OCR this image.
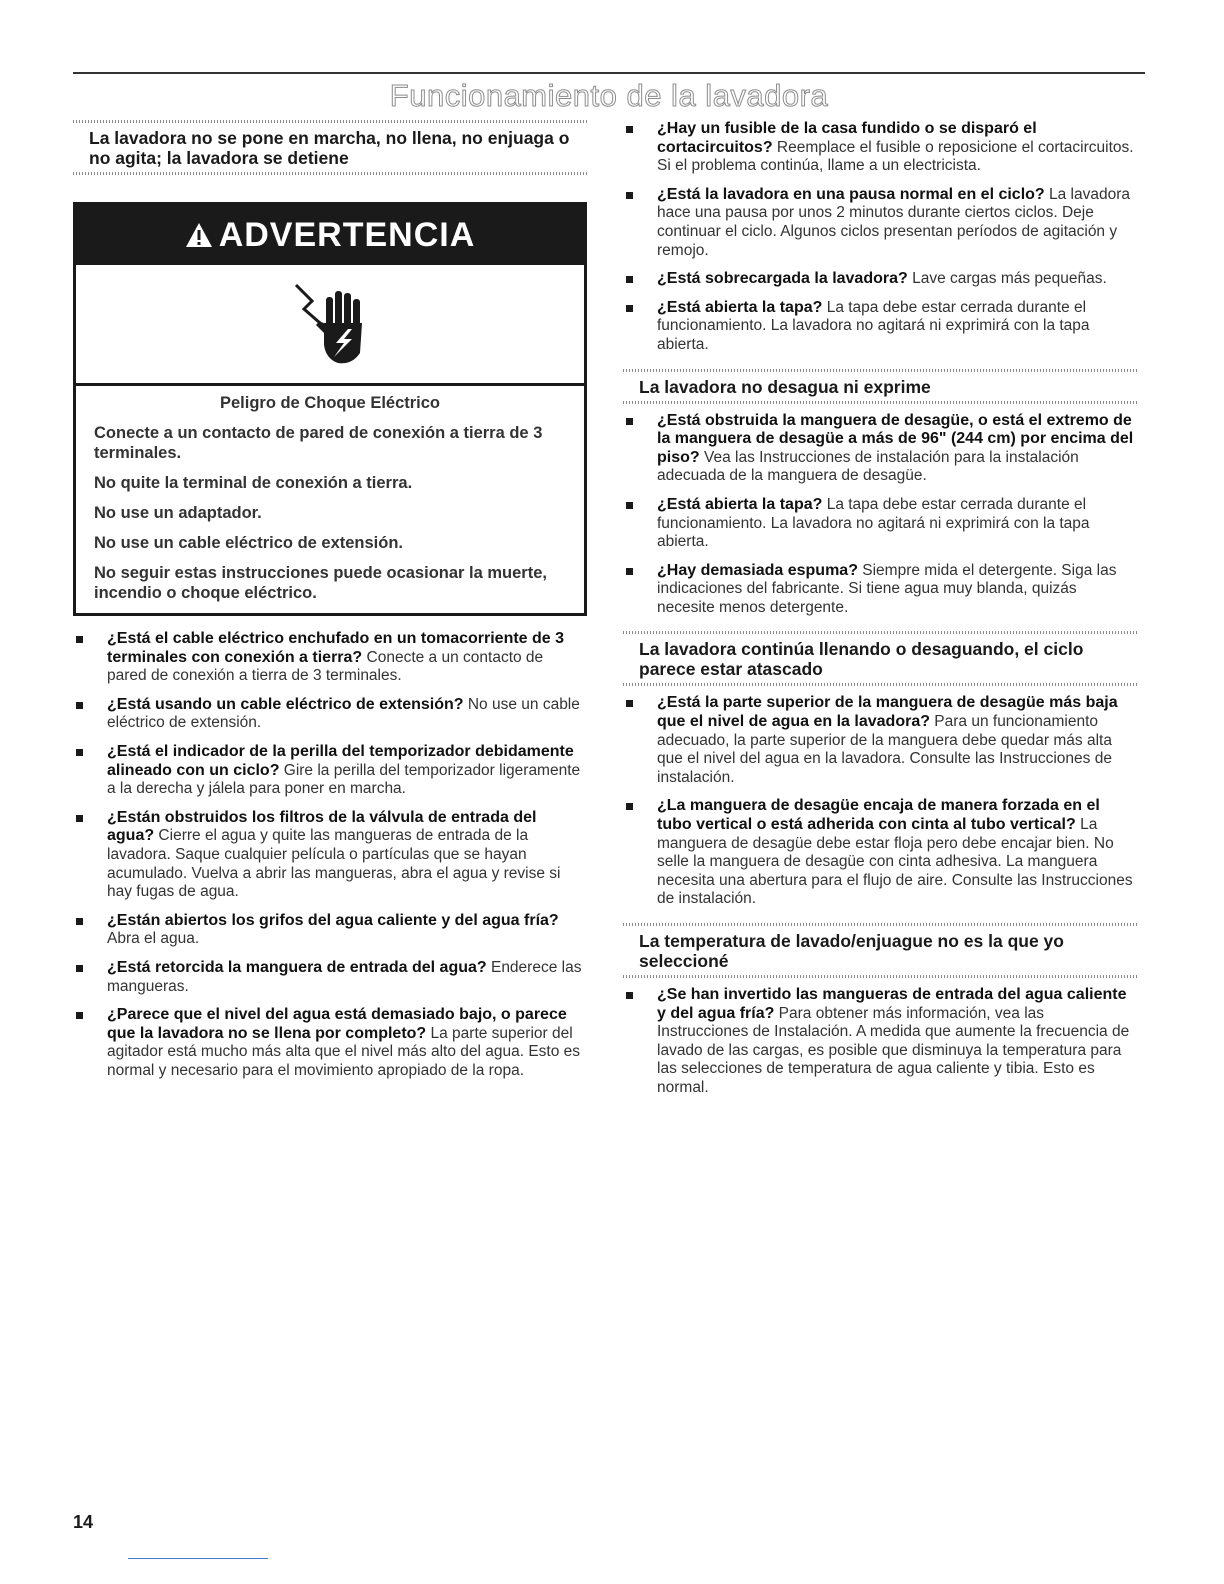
Funcionamiento de la lavadora
La lavadora no se pone en marcha, no llena, no enjuaga o no agita; la lavadora se detiene
ADVERTENCIA
Peligro de Choque Eléctrico

Conecte a un contacto de pared de conexión a tierra de 3 terminales.

No quite la terminal de conexión a tierra.

No use un adaptador.

No use un cable eléctrico de extensión.

No seguir estas instrucciones puede ocasionar la muerte, incendio o choque eléctrico.

¿Está el cable eléctrico enchufado en un tomacorriente de 3 terminales con conexión a tierra? Conecte a un contacto de pared de conexión a tierra de 3 terminales.
¿Está usando un cable eléctrico de extensión? No use un cable eléctrico de extensión.
¿Está el indicador de la perilla del temporizador debidamente alineado con un ciclo? Gire la perilla del temporizador ligeramente a la derecha y jálela para poner en marcha.
¿Están obstruidos los filtros de la válvula de entrada del agua? Cierre el agua y quite las mangueras de entrada de la lavadora. Saque cualquier película o partículas que se hayan acumulado. Vuelva a abrir las mangueras, abra el agua y revise si hay fugas de agua.
¿Están abiertos los grifos del agua caliente y del agua fría? Abra el agua.
¿Está retorcida la manguera de entrada del agua? Enderece las mangueras.
¿Parece que el nivel del agua está demasiado bajo, o parece que la lavadora no se llena por completo? La parte superior del agitador está mucho más alta que el nivel más alto del agua. Esto es normal y necesario para el movimiento apropiado de la ropa.
¿Hay un fusible de la casa fundido o se disparó el cortacircuitos? Reemplace el fusible o reposicione el cortacircuitos. Si el problema continúa, llame a un electricista.
¿Está la lavadora en una pausa normal en el ciclo? La lavadora hace una pausa por unos 2 minutos durante ciertos ciclos. Deje continuar el ciclo. Algunos ciclos presentan períodos de agitación y remojo.
¿Está sobrecargada la lavadora? Lave cargas más pequeñas.
¿Está abierta la tapa? La tapa debe estar cerrada durante el funcionamiento. La lavadora no agitará ni exprimirá con la tapa abierta.
La lavadora no desagua ni exprime
¿Está obstruida la manguera de desagüe, o está el extremo de la manguera de desagüe a más de 96" (244 cm) por encima del piso? Vea las Instrucciones de instalación para la instalación adecuada de la manguera de desagüe.
¿Está abierta la tapa? La tapa debe estar cerrada durante el funcionamiento. La lavadora no agitará ni exprimirá con la tapa abierta.
¿Hay demasiada espuma? Siempre mida el detergente. Siga las indicaciones del fabricante. Si tiene agua muy blanda, quizás necesite menos detergente.
La lavadora continúa llenando o desaguando, el ciclo parece estar atascado
¿Está la parte superior de la manguera de desagüe más baja que el nivel de agua en la lavadora? Para un funcionamiento adecuado, la parte superior de la manguera debe quedar más alta que el nivel del agua en la lavadora. Consulte las Instrucciones de instalación.
¿La manguera de desagüe encaja de manera forzada en el tubo vertical o está adherida con cinta al tubo vertical? La manguera de desagüe debe estar floja pero debe encajar bien. No selle la manguera de desagüe con cinta adhesiva. La manguera necesita una abertura para el flujo de aire. Consulte las Instrucciones de instalación.
La temperatura de lavado/enjuague no es la que yo seleccioné
¿Se han invertido las mangueras de entrada del agua caliente y del agua fría? Para obtener más información, vea las Instrucciones de Instalación. A medida que aumente la frecuencia de lavado de las cargas, es posible que disminuya la temperatura para las selecciones de temperatura de agua caliente y tibia. Esto es normal.
14
